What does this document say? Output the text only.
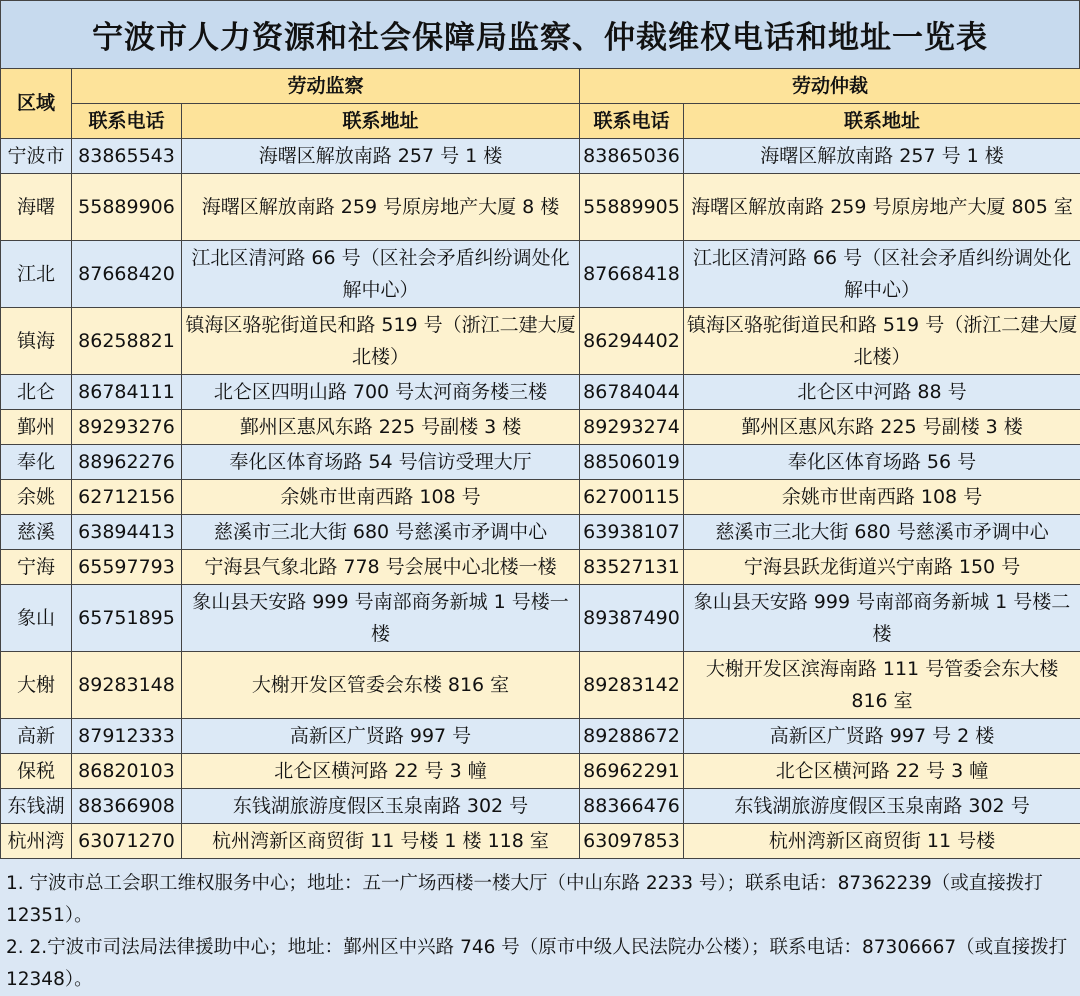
宁波市人力资源和社会保障局监察、仲裁维权电话和地址一览表
区域	劳动监察		劳动仲裁	
	联系电话	联系地址	联系电话	联系地址
宁波市	83865543	海曙区解放南路 257 号 1 楼	83865036	海曙区解放南路 257 号 1 楼
海曙	55889906	海曙区解放南路 259 号原房地产大厦 8 楼	55889905	海曙区解放南路 259 号原房地产大厦 805 室
江北	87668420	江北区清河路 66 号（区社会矛盾纠纷调处化解中心）	87668418	江北区清河路 66 号（区社会矛盾纠纷调处化解中心）
镇海	86258821	镇海区骆驼街道民和路 519 号（浙江二建大厦北楼）	86294402	镇海区骆驼街道民和路 519 号（浙江二建大厦北楼）
北仑	86784111	北仑区四明山路 700 号太河商务楼三楼	86784044	北仑区中河路 88 号
鄞州	89293276	鄞州区惠风东路 225 号副楼 3 楼	89293274	鄞州区惠风东路 225 号副楼 3 楼
奉化	88962276	奉化区体育场路 54 号信访受理大厅	88506019	奉化区体育场路 56 号
余姚	62712156	余姚市世南西路 108 号	62700115	余姚市世南西路 108 号
慈溪	63894413	慈溪市三北大街 680 号慈溪市矛调中心	63938107	慈溪市三北大街 680 号慈溪市矛调中心
宁海	65597793	宁海县气象北路 778 号会展中心北楼一楼	83527131	宁海县跃龙街道兴宁南路 150 号
象山	65751895	象山县天安路 999 号南部商务新城 1 号楼一楼	89387490	象山县天安路 999 号南部商务新城 1 号楼二楼
大榭	89283148	大榭开发区管委会东楼 816 室	89283142	大榭开发区滨海南路 111 号管委会东大楼 816 室
高新	87912333	高新区广贤路 997 号	89288672	高新区广贤路 997 号 2 楼
保税	86820103	北仑区横河路 22 号 3 幢	86962291	北仑区横河路 22 号 3 幢
东钱湖	88366908	东钱湖旅游度假区玉泉南路 302 号	88366476	东钱湖旅游度假区玉泉南路 302 号
杭州湾	63071270	杭州湾新区商贸街 11 号楼 1 楼 118 室	63097853	杭州湾新区商贸街 11 号楼

1. 宁波市总工会职工维权服务中心；地址：五一广场西楼一楼大厅（中山东路 2233 号）；联系电话：87362239（或直接拨打 12351）。

2. 2.宁波市司法局法律援助中心；地址：鄞州区中兴路 746 号（原市中级人民法院办公楼）；联系电话：87306667（或直接拨打 12348）。
